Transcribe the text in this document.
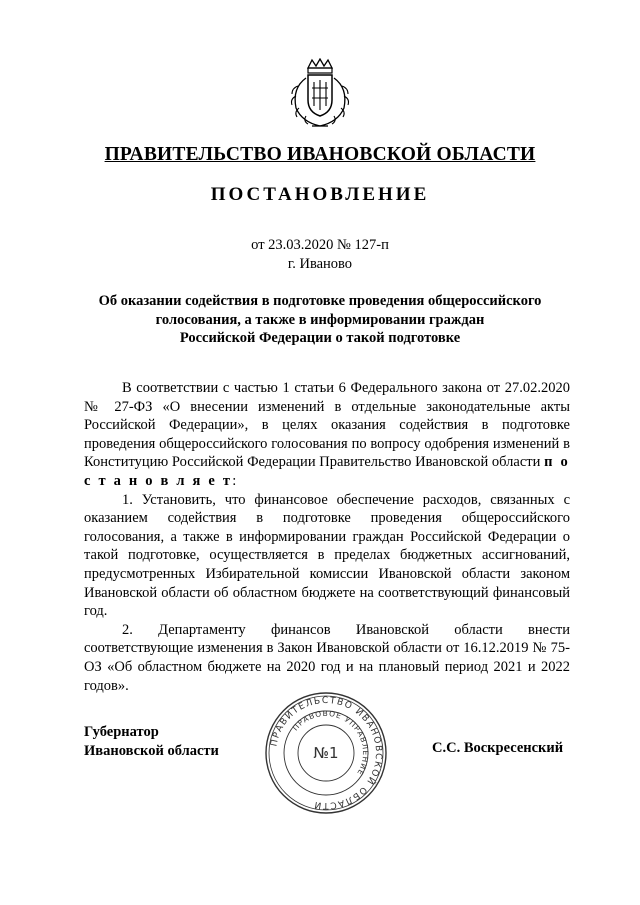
ПРАВИТЕЛЬСТВО ИВАНОВСКОЙ ОБЛАСТИ
ПОСТАНОВЛЕНИЕ
от 23.03.2020 № 127-п
г. Иваново
Об оказании содействия в подготовке проведения общероссийского
голосования, а также в информировании граждан
Российской Федерации о такой подготовке

В соответствии с частью 1 статьи 6 Федерального закона от 27.02.2020 № 27-ФЗ «О внесении изменений в отдельные законодательные акты Российской Федерации», в целях оказания содействия в подготовке проведения общероссийского голосования по вопросу одобрения изменений в Конституцию Российской Федерации Правительство Ивановской области п о с т а н о в л я е т:

1. Установить, что финансовое обеспечение расходов, связанных с оказанием содействия в подготовке проведения общероссийского голосования, а также в информировании граждан Российской Федерации о такой подготовке, осуществляется в пределах бюджетных ассигнований, предусмотренных Избирательной комиссии Ивановской области законом Ивановской области об областном бюджете на соответствующий финансовый год.

2. Департаменту финансов Ивановской области внести соответствующие изменения в Закон Ивановской области от 16.12.2019 № 75-ОЗ «Об областном бюджете на 2020 год и на плановый период 2021 и 2022 годов».

Губернатор
Ивановской области	С.С. Воскресенский
ПРАВИТЕЛЬСТВО ИВАНОВСКОЙ ОБЛАСТИ
ПРАВОВОЕ УПРАВЛЕНИЕ
№1
